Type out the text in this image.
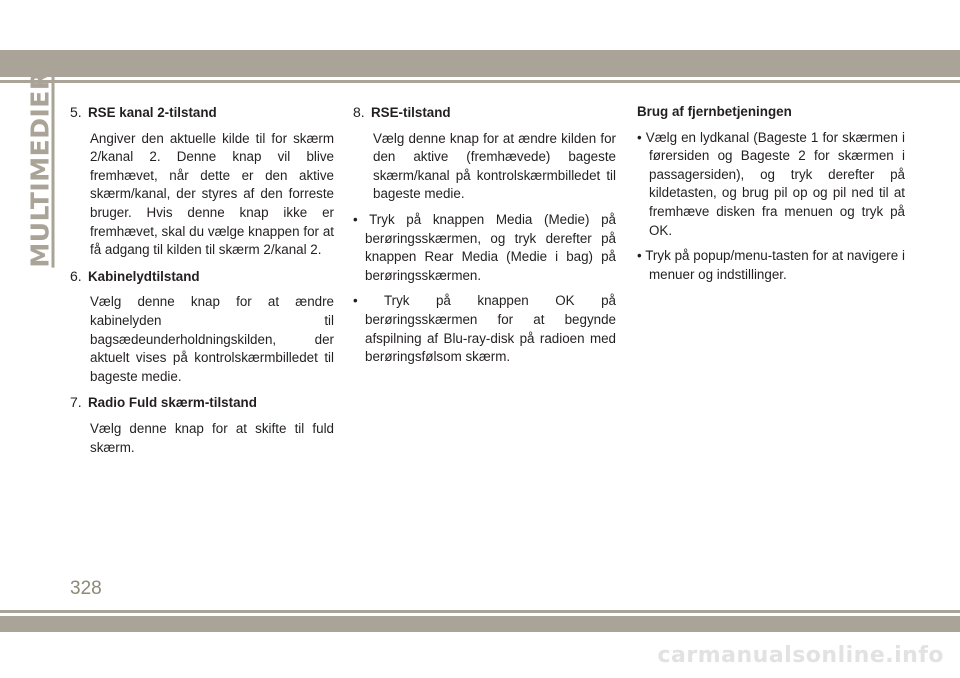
MULTIMEDIER 5. RSE kanal 2-tilstand

Angiver den aktuelle kilde til for skærm 2/kanal 2. Denne knap vil blive fremhævet, når dette er den aktive skærm/kanal, der styres af den forreste bruger. Hvis denne knap ikke er fremhævet, skal du vælge knappen for at få adgang til kilden til skærm 2/kanal 2.

6. Kabinelydtilstand

Vælg denne knap for at ændre kabinelyden til bagsædeunderholdningskilden, der aktuelt vises på kontrolskærmbilledet til bageste medie.

7. Radio Fuld skærm-tilstand

Vælg denne knap for at skifte til fuld skærm.

8. RSE-tilstand

Vælg denne knap for at ændre kilden for den aktive (fremhævede) bageste skærm/kanal på kontrolskærmbilledet til bageste medie.

• Tryk på knappen Media (Medie) på berøringsskærmen, og tryk derefter på knappen Rear Media (Medie i bag) på berøringsskærmen.

• Tryk på knappen OK på berøringsskærmen for at begynde afspilning af Blu-ray-disk på radioen med berøringsfølsom skærm.

Brug af fjernbetjeningen

• Vælg en lydkanal (Bageste 1 for skærmen i førersiden og Bageste 2 for skærmen i passagersiden), og tryk derefter på kildetasten, og brug pil op og pil ned til at fremhæve disken fra menuen og tryk på OK.

• Tryk på popup/menu-tasten for at navigere i menuer og indstillinger.

328
carmanualsonline.info
